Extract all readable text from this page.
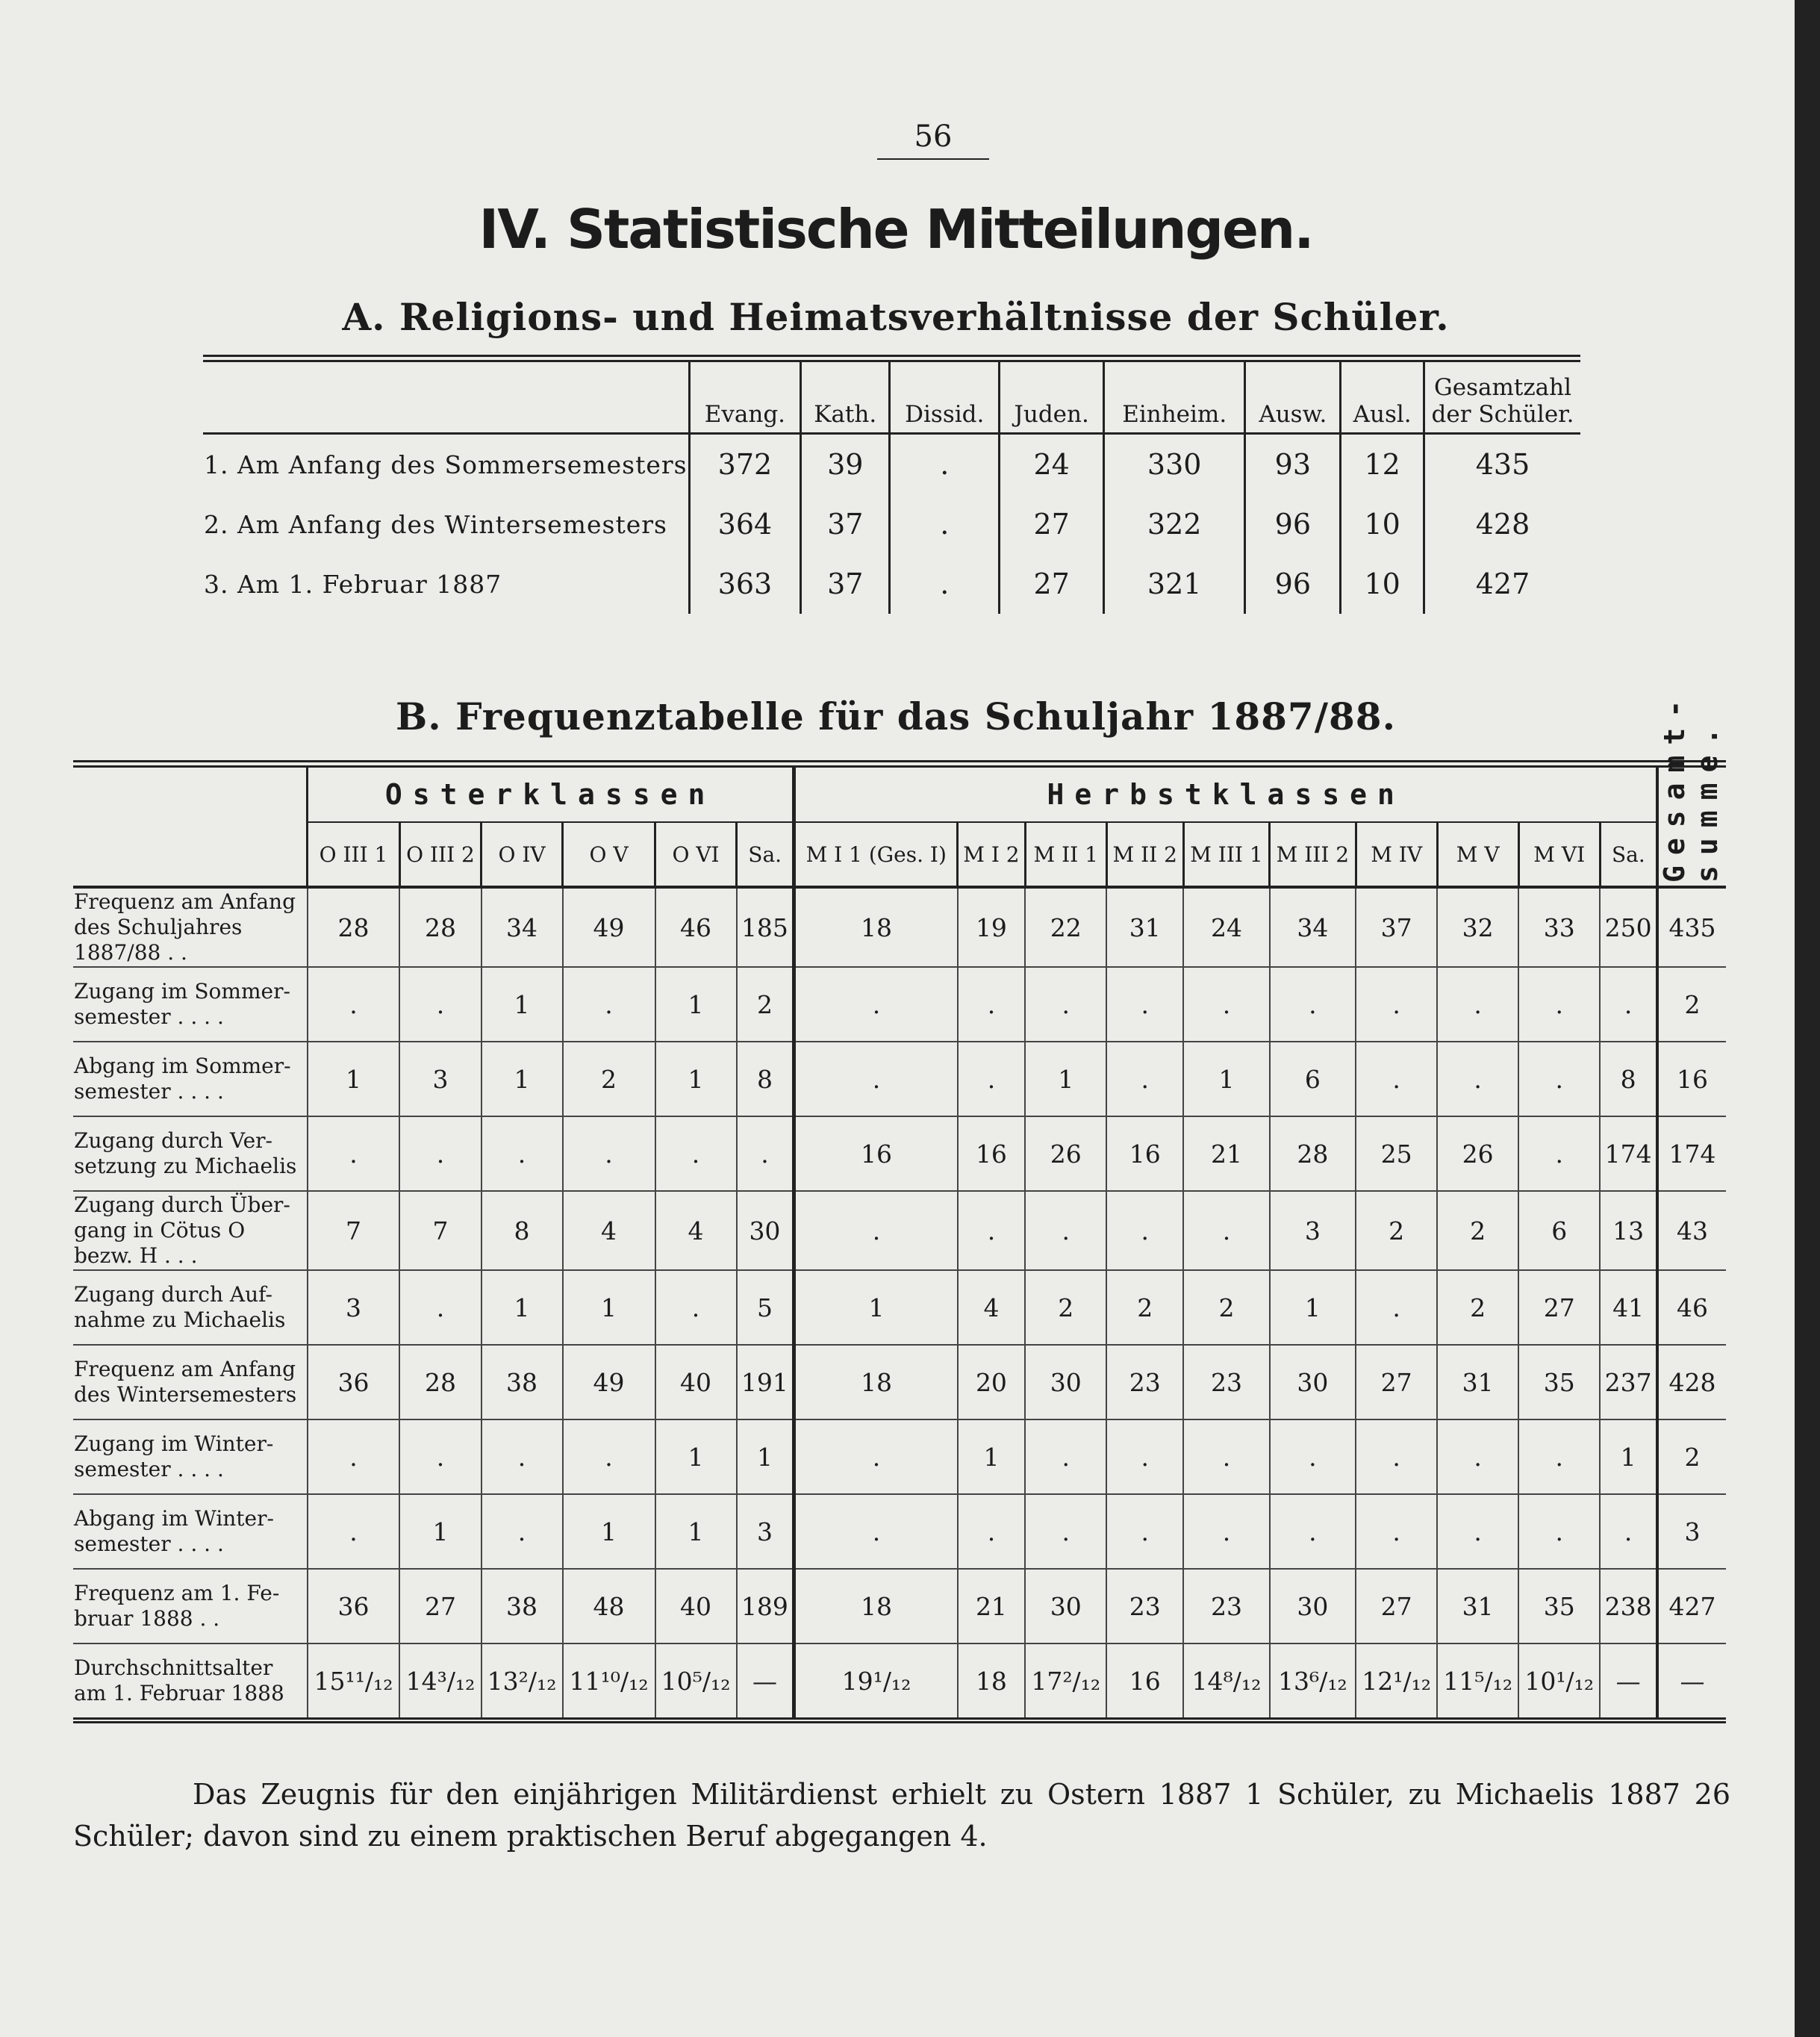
56
IV. Statistische Mitteilungen.
A. Religions- und Heimatsverhältnisse der Schüler.
	Evang.	Kath.	Dissid.	Juden.	Einheim.	Ausw.	Ausl.	Gesamtzahl der Schüler.
1. Am Anfang des Sommersemesters	372	39	.	24	330	93	12	435
2. Am Anfang des Wintersemesters	364	37	.	27	322	96	10	428
3. Am 1. Februar 1887	363	37	.	27	321	96	10	427
B. Frequenztabelle für das Schuljahr 1887/88.
	Osterklassen						Herbstklassen										Gesamt-summe.
	O III 1	O III 2	O IV	O V	O VI	Sa.	M I 1 (Ges. I)	M I 2	M II 1	M II 2	M III 1	M III 2	M IV	M V	M VI	Sa.	
Frequenz am Anfang des Schuljahres 1887/88 . .	28	28	34	49	46	185	18	19	22	31	24	34	37	32	33	250	435
Zugang im Sommer-semester . . . .	.	.	1	.	1	2	.	.	.	.	.	.	.	.	.	.	2
Abgang im Sommer-semester . . . .	1	3	1	2	1	8	.	.	1	.	1	6	.	.	.	8	16
Zugang durch Ver-setzung zu Michaelis	.	.	.	.	.	.	16	16	26	16	21	28	25	26	.	174	174
Zugang durch Über-gang in Cötus O bezw. H . . .	7	7	8	4	4	30	.	.	.	.	.	3	2	2	6	13	43
Zugang durch Auf-nahme zu Michaelis	3	.	1	1	.	5	1	4	2	2	2	1	.	2	27	41	46
Frequenz am Anfang des Wintersemesters	36	28	38	49	40	191	18	20	30	23	23	30	27	31	35	237	428
Zugang im Winter-semester . . . .	.	.	.	.	1	1	.	1	.	.	.	.	.	.	.	1	2
Abgang im Winter-semester . . . .	.	1	.	1	1	3	.	.	.	.	.	.	.	.	.	.	3
Frequenz am 1. Fe-bruar 1888 . .	36	27	38	48	40	189	18	21	30	23	23	30	27	31	35	238	427
Durchschnittsalter am 1. Februar 1888	15¹¹/₁₂	14³/₁₂	13²/₁₂	11¹⁰/₁₂	10⁵/₁₂	—	19¹/₁₂	18	17²/₁₂	16	14⁸/₁₂	13⁶/₁₂	12¹/₁₂	11⁵/₁₂	10¹/₁₂	—	—

Das Zeugnis für den einjährigen Militärdienst erhielt zu Ostern 1887 1 Schüler, zu Michaelis 1887 26 Schüler; davon sind zu einem praktischen Beruf abgegangen 4.
